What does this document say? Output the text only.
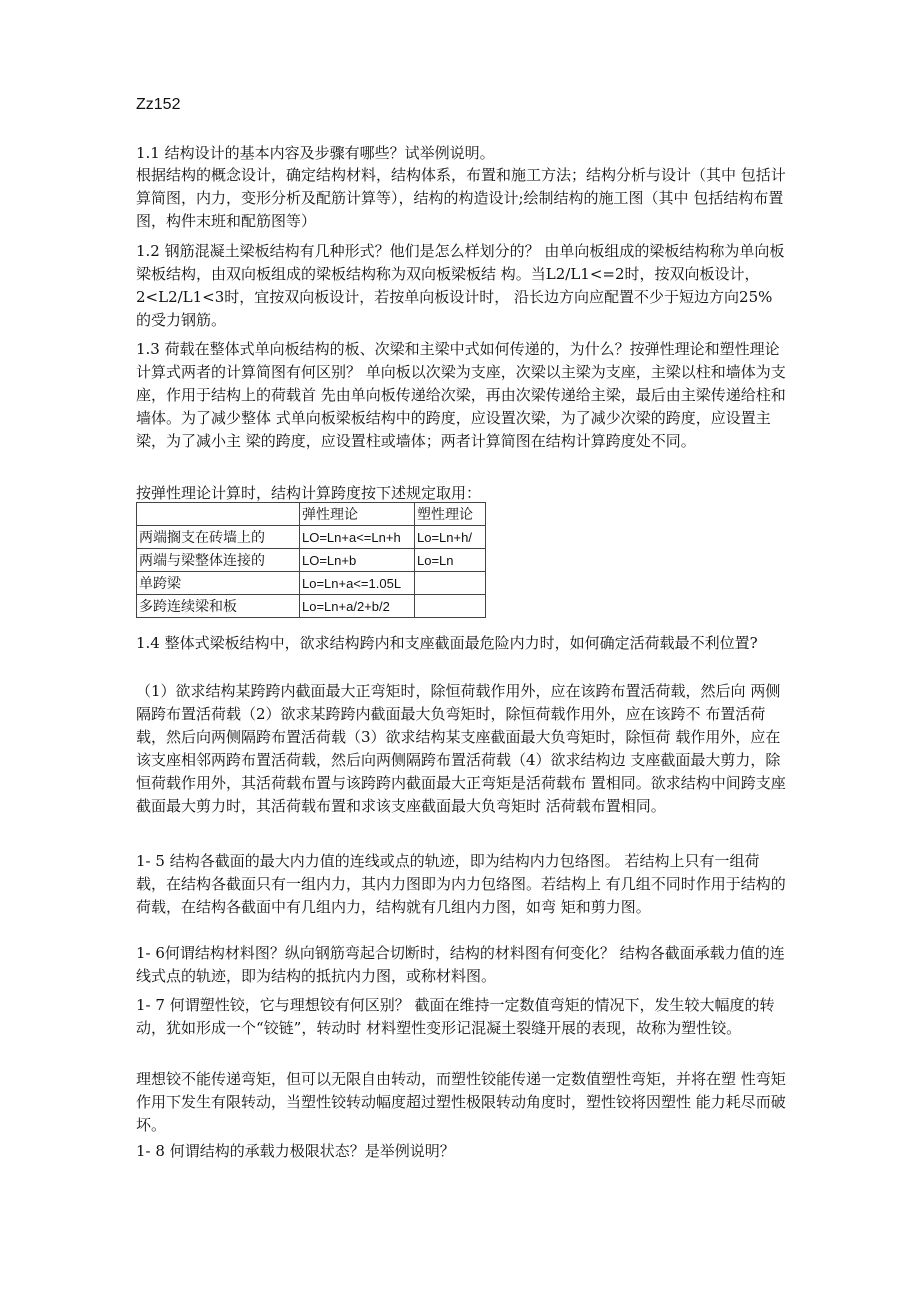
Zz152
1.1 结构设计的基本内容及步骤有哪些？试举例说明。
根据结构的概念设计，确定结构材料，结构体系，布置和施工方法；结构分析与设计（其中 包括计算简图，内力，变形分析及配筋计算等），结构的构造设计;绘制结构的施工图（其中 包括结构布置图，构件末班和配筋图等）
1.2 钢筋混凝土梁板结构有几种形式？他们是怎么样划分的？ 由单向板组成的梁板结构称为单向板梁板结构，由双向板组成的梁板结构称为双向板梁板结 构。当L2/L1<=2时，按双向板设计，2<L2/L1<3时，宜按双向板设计，若按单向板设计时， 沿长边方向应配置不少于短边方向25%的受力钢筋。
1.3 荷载在整体式单向板结构的板、次梁和主梁中式如何传递的，为什么？按弹性理论和塑性理论计算式两者的计算简图有何区别？ 单向板以次梁为支座，次梁以主梁为支座，主梁以柱和墙体为支座，作用于结构上的荷载首 先由单向板传递给次梁，再由次梁传递给主梁，最后由主梁传递给柱和墙体。为了减少整体 式单向板梁板结构中的跨度，应设置次梁，为了减少次梁的跨度，应设置主梁，为了减小主 梁的跨度，应设置柱或墙体；两者计算简图在结构计算跨度处不同。
按弹性理论计算时，结构计算跨度按下述规定取用：
	弹性理论	塑性理论
两端搁支在砖墙上的	LO=Ln+a<=Ln+h	Lo=Ln+h/
两端与梁整体连接的	LO=Ln+b	Lo=Ln
单跨梁	Lo=Ln+a<=1.05L	
多跨连续梁和板	Lo=Ln+a/2+b/2	
1.4 整体式梁板结构中，欲求结构跨内和支座截面最危险内力时，如何确定活荷载最不利位置?
（1）欲求结构某跨跨内截面最大正弯矩时，除恒荷载作用外，应在该跨布置活荷载，然后向 两侧隔跨布置活荷载（2）欲求某跨跨内截面最大负弯矩时，除恒荷载作用外，应在该跨不 布置活荷载，然后向两侧隔跨布置活荷载（3）欲求结构某支座截面最大负弯矩时，除恒荷 载作用外，应在该支座相邻两跨布置活荷载，然后向两侧隔跨布置活荷载（4）欲求结构边 支座截面最大剪力，除恒荷载作用外，其活荷载布置与该跨跨内截面最大正弯矩是活荷载布 置相同。欲求结构中间跨支座截面最大剪力时，其活荷载布置和求该支座截面最大负弯矩时 活荷载布置相同。
1- 5 结构各截面的最大内力值的连线或点的轨迹，即为结构内力包络图。 若结构上只有一组荷载，在结构各截面只有一组内力，其内力图即为内力包络图。若结构上 有几组不同时作用于结构的荷载，在结构各截面中有几组内力，结构就有几组内力图，如弯 矩和剪力图。
1- 6何谓结构材料图？纵向钢筋弯起合切断时，结构的材料图有何变化？ 结构各截面承载力值的连线式点的轨迹，即为结构的抵抗内力图，或称材料图。
1- 7 何谓塑性铰，它与理想铰有何区别？ 截面在维持一定数值弯矩的情况下，发生较大幅度的转动，犹如形成一个“铰链”，转动时 材料塑性变形记混凝土裂缝开展的表现，故称为塑性铰。
理想铰不能传递弯矩，但可以无限自由转动，而塑性铰能传递一定数值塑性弯矩，并将在塑 性弯矩作用下发生有限转动，当塑性铰转动幅度超过塑性极限转动角度时，塑性铰将因塑性 能力耗尽而破坏。
1- 8 何谓结构的承载力极限状态？是举例说明？
